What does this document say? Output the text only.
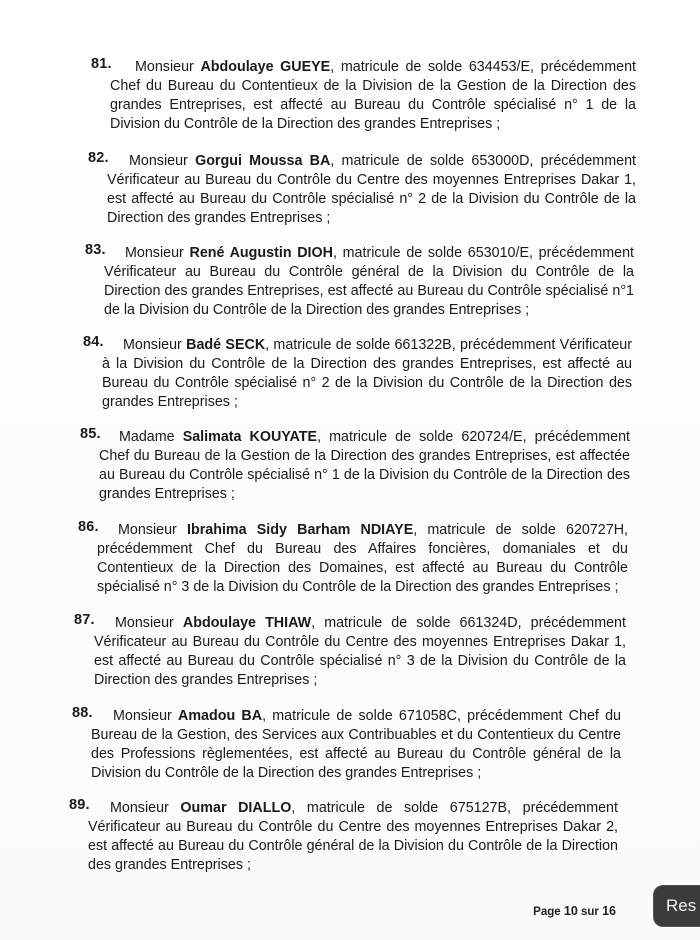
81.	Monsieur Abdoulaye GUEYE, matricule de solde 634453/E, précédemment Chef du Bureau du Contentieux de la Division de la Gestion de la Direction des grandes Entreprises, est affecté au Bureau du Contrôle spécialisé n° 1 de la Division du Contrôle de la Direction des grandes Entreprises ;
82.	Monsieur Gorgui Moussa BA, matricule de solde 653000D, précédemment Vérificateur au Bureau du Contrôle du Centre des moyennes Entreprises Dakar 1, est affecté au Bureau du Contrôle spécialisé n° 2 de la Division du Contrôle de la Direction des grandes Entreprises ;
83.	Monsieur René Augustin DIOH, matricule de solde 653010/E, précédemment Vérificateur au Bureau du Contrôle général de la Division du Contrôle de la Direction des grandes Entreprises, est affecté au Bureau du Contrôle spécialisé n°1 de la Division du Contrôle de la Direction des grandes Entreprises ;
84.	Monsieur Badé SECK, matricule de solde 661322B, précédemment Vérificateur à la Division du Contrôle de la Direction des grandes Entreprises, est affecté au Bureau du Contrôle spécialisé n° 2 de la Division du Contrôle de la Direction des grandes Entreprises ;
85.	Madame Salimata KOUYATE, matricule de solde 620724/E, précédemment Chef du Bureau de la Gestion de la Direction des grandes Entreprises, est affectée au Bureau du Contrôle spécialisé n° 1 de la Division du Contrôle de la Direction des grandes Entreprises ;
86.	Monsieur Ibrahima Sidy Barham NDIAYE, matricule de solde 620727H, précédemment Chef du Bureau des Affaires foncières, domaniales et du Contentieux de la Direction des Domaines, est affecté au Bureau du Contrôle spécialisé n° 3 de la Division du Contrôle de la Direction des grandes Entreprises ;
87.	Monsieur Abdoulaye THIAW, matricule de solde 661324D, précédemment Vérificateur au Bureau du Contrôle du Centre des moyennes Entreprises Dakar 1, est affecté au Bureau du Contrôle spécialisé n° 3 de la Division du Contrôle de la Direction des grandes Entreprises ;
88.	Monsieur Amadou BA, matricule de solde 671058C, précédemment Chef du Bureau de la Gestion, des Services aux Contribuables et du Contentieux du Centre des Professions règlementées, est affecté au Bureau du Contrôle général de la Division du Contrôle de la Direction des grandes Entreprises ;
89.	Monsieur Oumar DIALLO, matricule de solde 675127B, précédemment Vérificateur au Bureau du Contrôle du Centre des moyennes Entreprises Dakar 2, est affecté au Bureau du Contrôle général de la Division du Contrôle de la Direction des grandes Entreprises ;
Page 10 sur 16	Res
